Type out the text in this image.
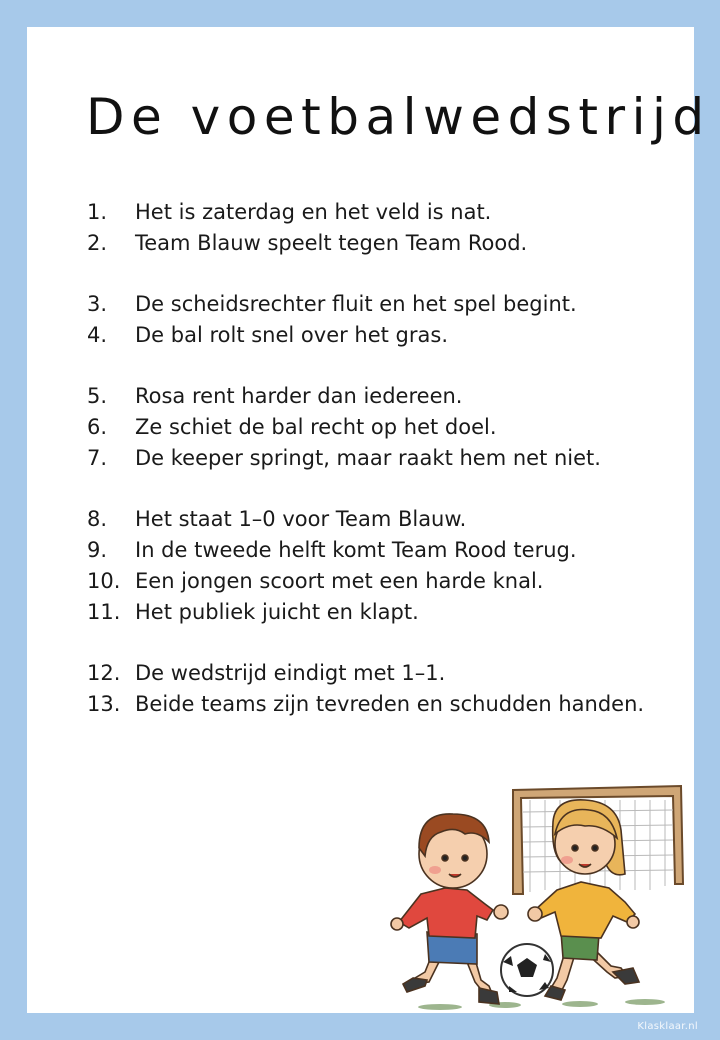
De voetbalwedstrijd
1. Het is zaterdag en het veld is nat.
2. Team Blauw speelt tegen Team Rood.
3. De scheidsrechter fluit en het spel begint.
4. De bal rolt snel over het gras.
5. Rosa rent harder dan iedereen.
6. Ze schiet de bal recht op het doel.
7. De keeper springt, maar raakt hem net niet.
8. Het staat 1–0 voor Team Blauw.
9. In de tweede helft komt Team Rood terug.
10. Een jongen scoort met een harde knal.
11. Het publiek juicht en klapt.
12. De wedstrijd eindigt met 1–1.
13. Beide teams zijn tevreden en schudden handen.
Klasklaar.nl
